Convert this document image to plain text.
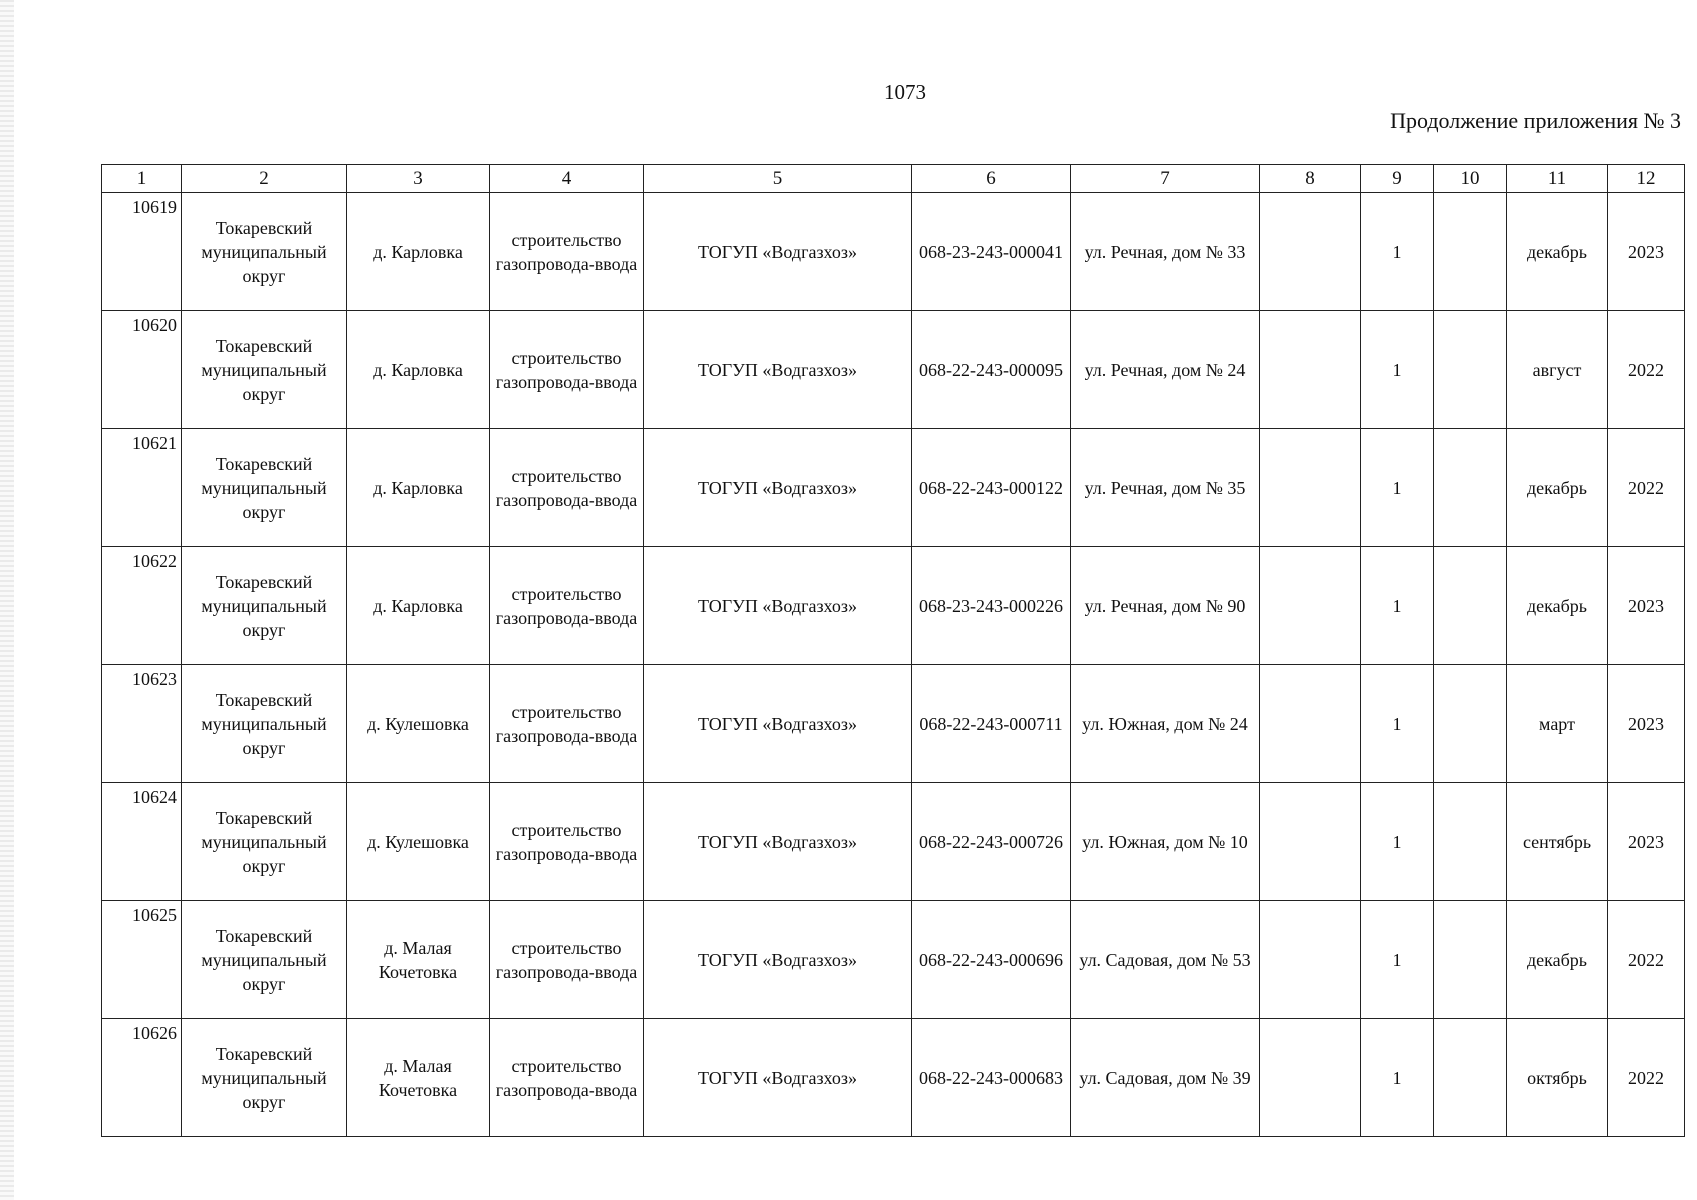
1073
Продолжение приложения № 3
1	2	3	4	5	6	7	8	9	10	11	12
10619	Токаревский муниципальный округ	д. Карловка	строительство газопровода-ввода	ТОГУП «Водгазхоз»	068-23-243-000041	ул. Речная, дом № 33		1		декабрь	2023
10620	Токаревский муниципальный округ	д. Карловка	строительство газопровода-ввода	ТОГУП «Водгазхоз»	068-22-243-000095	ул. Речная, дом № 24		1		август	2022
10621	Токаревский муниципальный округ	д. Карловка	строительство газопровода-ввода	ТОГУП «Водгазхоз»	068-22-243-000122	ул. Речная, дом № 35		1		декабрь	2022
10622	Токаревский муниципальный округ	д. Карловка	строительство газопровода-ввода	ТОГУП «Водгазхоз»	068-23-243-000226	ул. Речная, дом № 90		1		декабрь	2023
10623	Токаревский муниципальный округ	д. Кулешовка	строительство газопровода-ввода	ТОГУП «Водгазхоз»	068-22-243-000711	ул. Южная, дом № 24		1		март	2023
10624	Токаревский муниципальный округ	д. Кулешовка	строительство газопровода-ввода	ТОГУП «Водгазхоз»	068-22-243-000726	ул. Южная, дом № 10		1		сентябрь	2023
10625	Токаревский муниципальный округ	д. Малая Кочетовка	строительство газопровода-ввода	ТОГУП «Водгазхоз»	068-22-243-000696	ул. Садовая, дом № 53		1		декабрь	2022
10626	Токаревский муниципальный округ	д. Малая Кочетовка	строительство газопровода-ввода	ТОГУП «Водгазхоз»	068-22-243-000683	ул. Садовая, дом № 39		1		октябрь	2022
